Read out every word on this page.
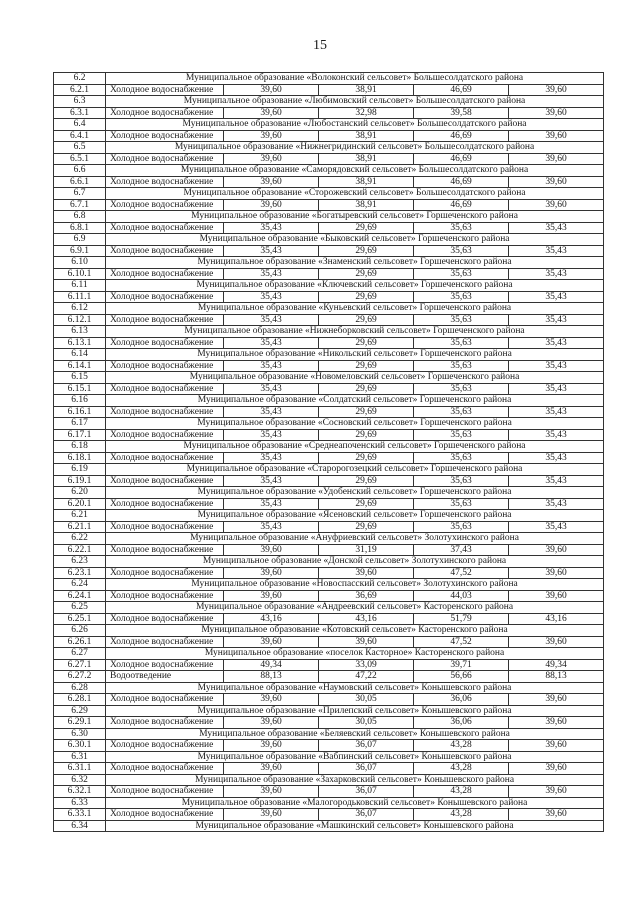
15
6.2	Муниципальное образование «Волоконский сельсовет» Большесолдатского района				
6.2.1	Холодное водоснабжение	39,60	38,91	46,69	39,60
6.3	Муниципальное образование «Любимовский сельсовет» Большесолдатского района				
6.3.1	Холодное водоснабжение	39,60	32,98	39,58	39,60
6.4	Муниципальное образование «Любостанский сельсовет» Большесолдатского района				
6.4.1	Холодное водоснабжение	39,60	38,91	46,69	39,60
6.5	Муниципальное образование «Нижнегридинский сельсовет» Большесолдатского района				
6.5.1	Холодное водоснабжение	39,60	38,91	46,69	39,60
6.6	Муниципальное образование «Саморядовский сельсовет» Большесолдатского района				
6.6.1	Холодное водоснабжение	39,60	38,91	46,69	39,60
6.7	Муниципальное образование «Сторожевский сельсовет» Большесолдатского района				
6.7.1	Холодное водоснабжение	39,60	38,91	46,69	39,60
6.8	Муниципальное образование «Богатыревский сельсовет» Горшеченского района				
6.8.1	Холодное водоснабжение	35,43	29,69	35,63	35,43
6.9	Муниципальное образование «Быковский сельсовет» Горшеченского района				
6.9.1	Холодное водоснабжение	35,43	29,69	35,63	35,43
6.10	Муниципальное образование «Знаменский сельсовет» Горшеченского района				
6.10.1	Холодное водоснабжение	35,43	29,69	35,63	35,43
6.11	Муниципальное образование «Ключевский сельсовет» Горшеченского района				
6.11.1	Холодное водоснабжение	35,43	29,69	35,63	35,43
6.12	Муниципальное образование «Куньевский сельсовет» Горшеченского района				
6.12.1	Холодное водоснабжение	35,43	29,69	35,63	35,43
6.13	Муниципальное образование «Нижнеборковский сельсовет» Горшеченского района				
6.13.1	Холодное водоснабжение	35,43	29,69	35,63	35,43
6.14	Муниципальное образование «Никольский сельсовет» Горшеченского района				
6.14.1	Холодное водоснабжение	35,43	29,69	35,63	35,43
6.15	Муниципальное образование «Новомеловский сельсовет» Горшеченского района				
6.15.1	Холодное водоснабжение	35,43	29,69	35,63	35,43
6.16	Муниципальное образование «Солдатский сельсовет» Горшеченского района				
6.16.1	Холодное водоснабжение	35,43	29,69	35,63	35,43
6.17	Муниципальное образование «Сосновский сельсовет» Горшеченского района				
6.17.1	Холодное водоснабжение	35,43	29,69	35,63	35,43
6.18	Муниципальное образование «Среднеапоченский сельсовет» Горшеченского района				
6.18.1	Холодное водоснабжение	35,43	29,69	35,63	35,43
6.19	Муниципальное образование «Старорогозецкий сельсовет» Горшеченского района				
6.19.1	Холодное водоснабжение	35,43	29,69	35,63	35,43
6.20	Муниципальное образование «Удобенский сельсовет» Горшеченского района				
6.20.1	Холодное водоснабжение	35,43	29,69	35,63	35,43
6.21	Муниципальное образование «Ясеновский сельсовет» Горшеченского района				
6.21.1	Холодное водоснабжение	35,43	29,69	35,63	35,43
6.22	Муниципальное образование «Ануфриевский сельсовет» Золотухинского района				
6.22.1	Холодное водоснабжение	39,60	31,19	37,43	39,60
6.23	Муниципальное образование «Донской сельсовет» Золотухинского района				
6.23.1	Холодное водоснабжение	39,60	39,60	47,52	39,60
6.24	Муниципальное образование «Новоспасский сельсовет» Золотухинского района				
6.24.1	Холодное водоснабжение	39,60	36,69	44,03	39,60
6.25	Муниципальное образование «Андреевский сельсовет» Касторенского района				
6.25.1	Холодное водоснабжение	43,16	43,16	51,79	43,16
6.26	Муниципальное образование «Котовский сельсовет» Касторенского района				
6.26.1	Холодное водоснабжение	39,60	39,60	47,52	39,60
6.27	Муниципальное образование «поселок Касторное» Касторенского района				
6.27.1	Холодное водоснабжение	49,34	33,09	39,71	49,34
6.27.2	Водоотведение	88,13	47,22	56,66	88,13
6.28	Муниципальное образование «Наумовский сельсовет» Конышевского района				
6.28.1	Холодное водоснабжение	39,60	30,05	36,06	39,60
6.29	Муниципальное образование «Прилепский сельсовет» Конышевского района				
6.29.1	Холодное водоснабжение	39,60	30,05	36,06	39,60
6.30	Муниципальное образование «Беляевский сельсовет» Конышевского района				
6.30.1	Холодное водоснабжение	39,60	36,07	43,28	39,60
6.31	Муниципальное образование «Вабпинский сельсовет» Конышевского района				
6.31.1	Холодное водоснабжение	39,60	36,07	43,28	39,60
6.32	Муниципальное образование «Захарковский сельсовет» Конышевского района				
6.32.1	Холодное водоснабжение	39,60	36,07	43,28	39,60
6.33	Муниципальное образование «Малогородьковский сельсовет» Конышевского района				
6.33.1	Холодное водоснабжение	39,60	36,07	43,28	39,60
6.34	Муниципальное образование «Машкинский сельсовет» Конышевского района				
